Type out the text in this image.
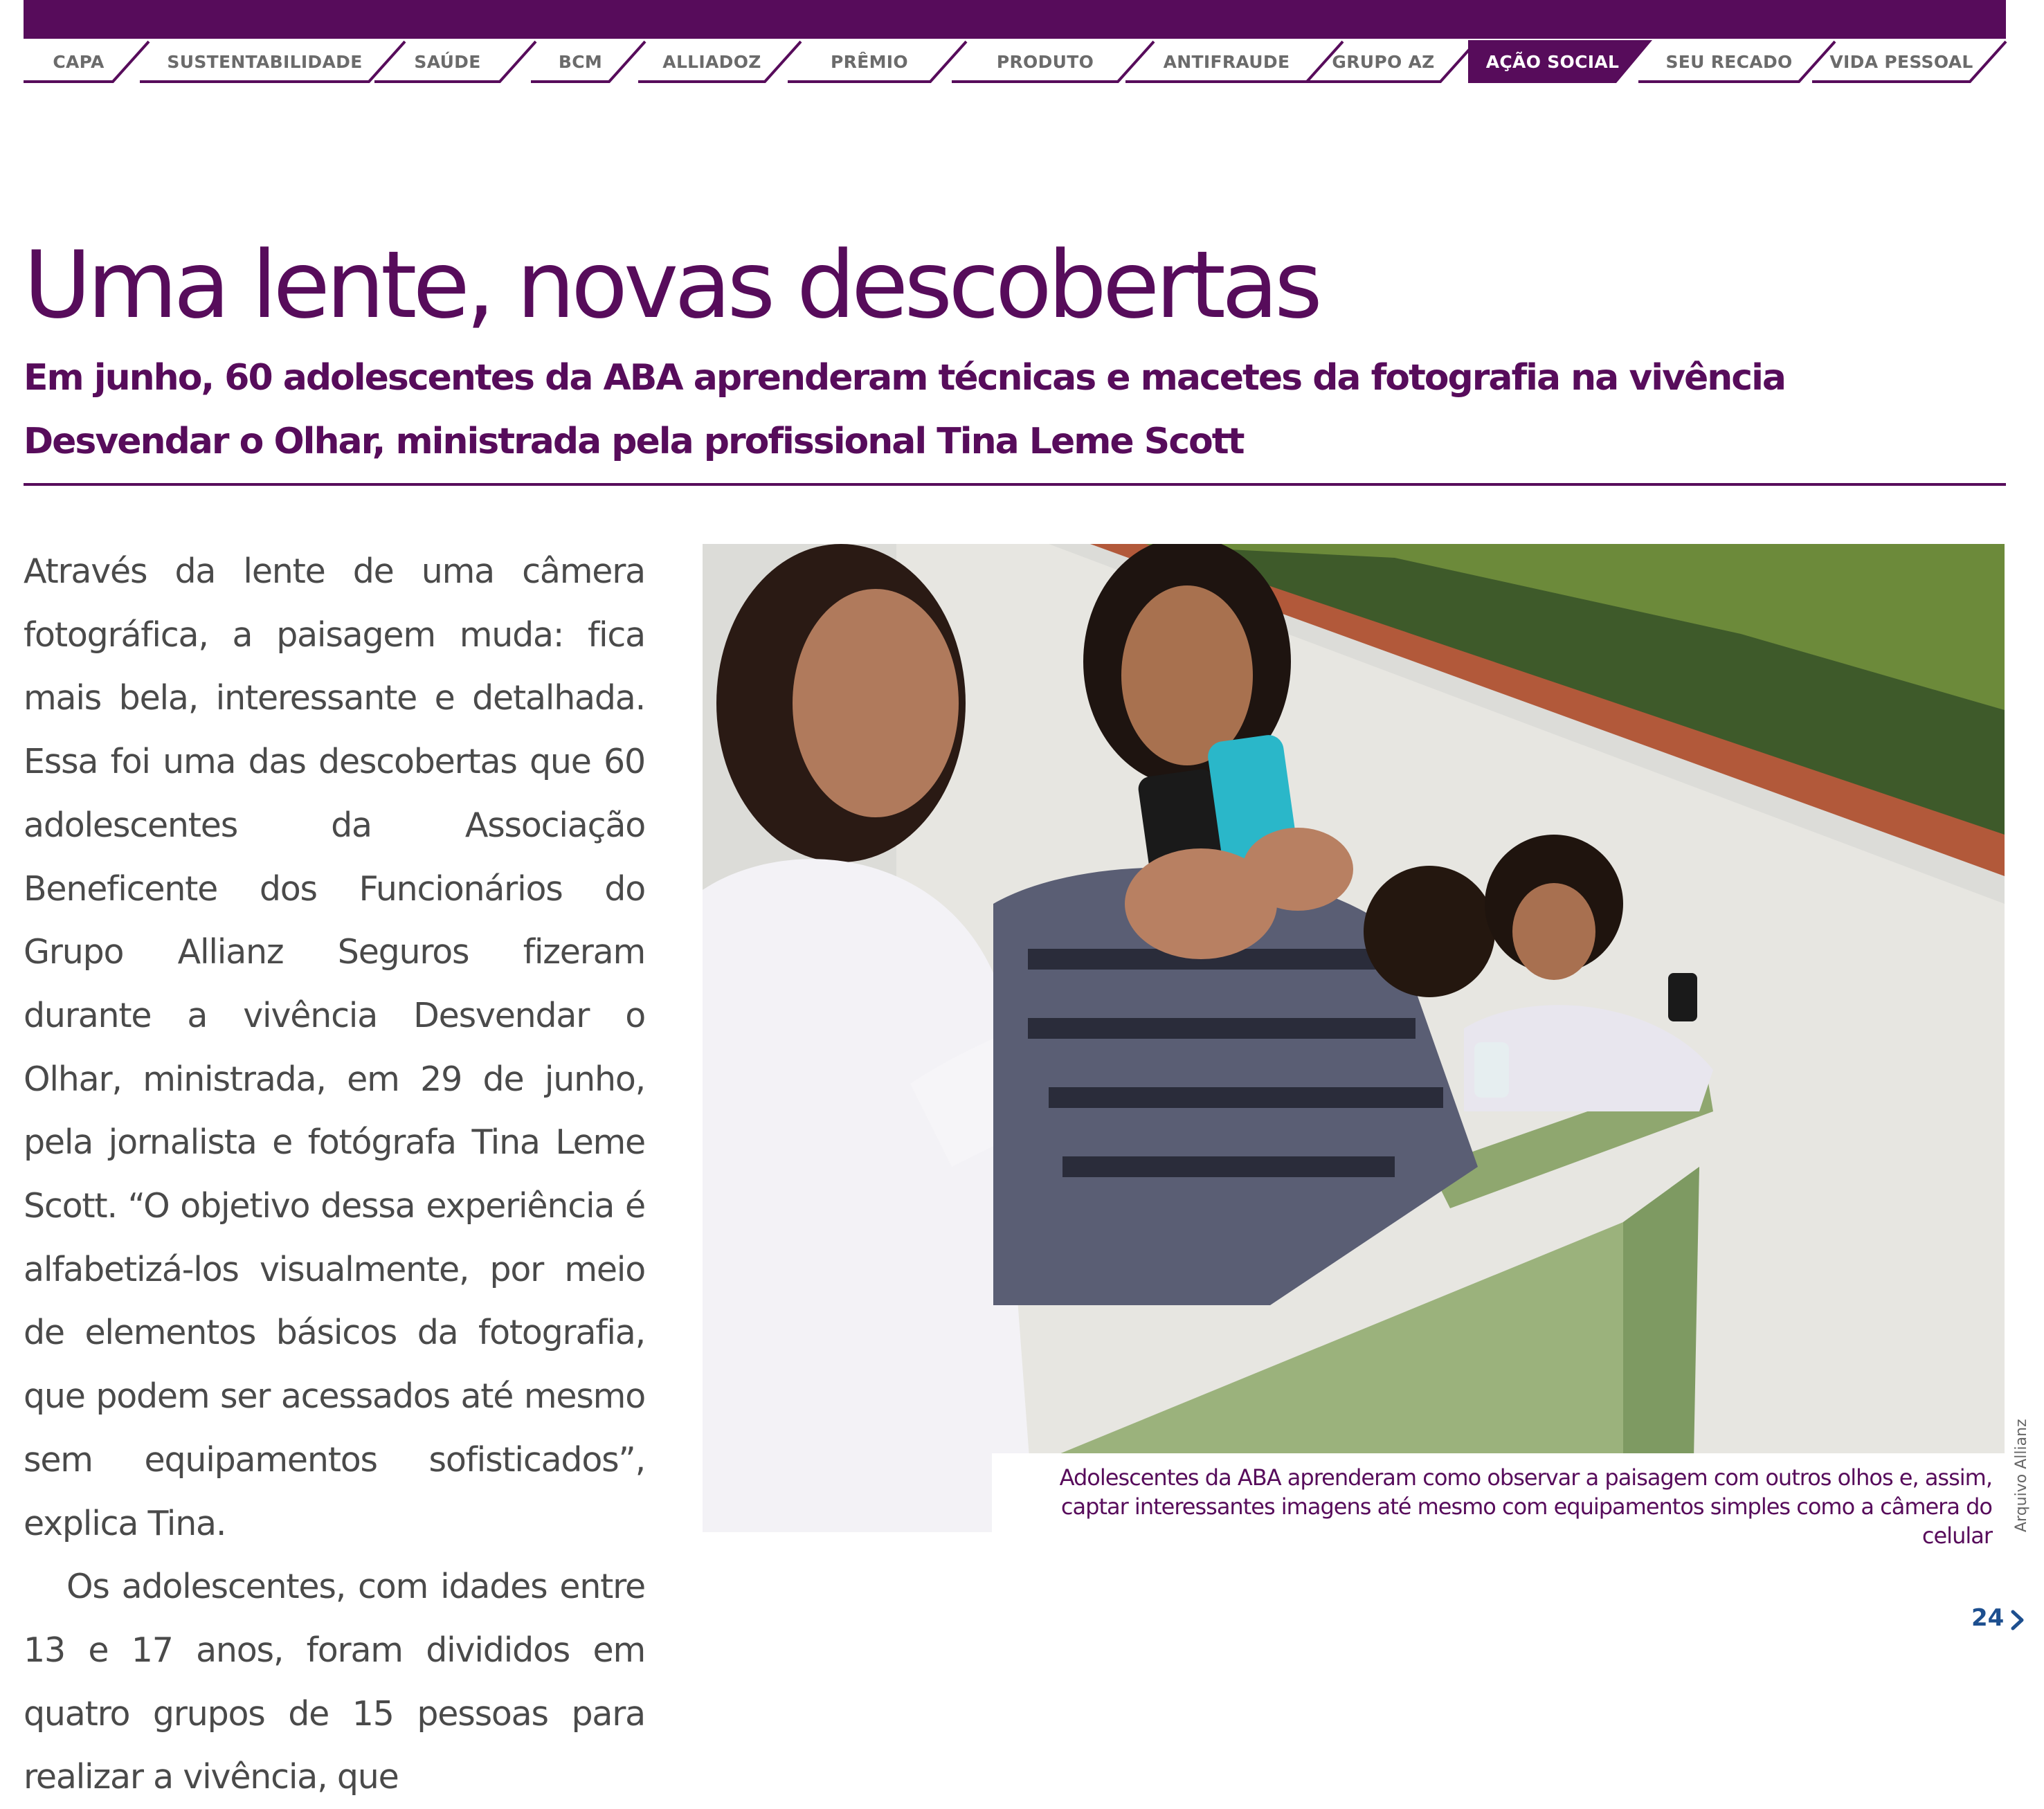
CAPA	SUSTENTABILIDADE	SAÚDE	BCM	ALLIADOZ	PRÊMIO	PRODUTO	ANTIFRAUDE	GRUPO AZ	AÇÃO SOCIAL	SEU RECADO	VIDA PESSOAL
Uma lente, novas descobertas
Em junho, 60 adolescentes da ABA aprenderam técnicas e macetes da fotografia na vivência Desvendar o Olhar, ministrada pela profissional Tina Leme Scott

Através da lente de uma câmera fotográfica, a paisagem muda: fica mais bela, interessante e detalhada. Essa foi uma das descobertas que 60 adolescentes da Associação Beneficente dos Funcionários do Grupo Allianz Seguros fizeram durante a vivência Desvendar o Olhar, ministrada, em 29 de junho, pela jornalista e fotógrafa Tina Leme Scott. “O objetivo dessa experiência é alfabetizá-los visualmente, por meio de elementos básicos da fotografia, que podem ser acessados até mesmo sem equipamentos sofisticados”, explica Tina.

Os adolescentes, com idades entre 13 e 17 anos, foram divididos em quatro grupos de 15 pessoas para realizar a vivência, que

Adolescentes da ABA aprenderam como observar a paisagem com outros olhos e, assim, captar interessantes imagens até mesmo com equipamentos simples como a câmera do celular
Arquivo Allianz
24
